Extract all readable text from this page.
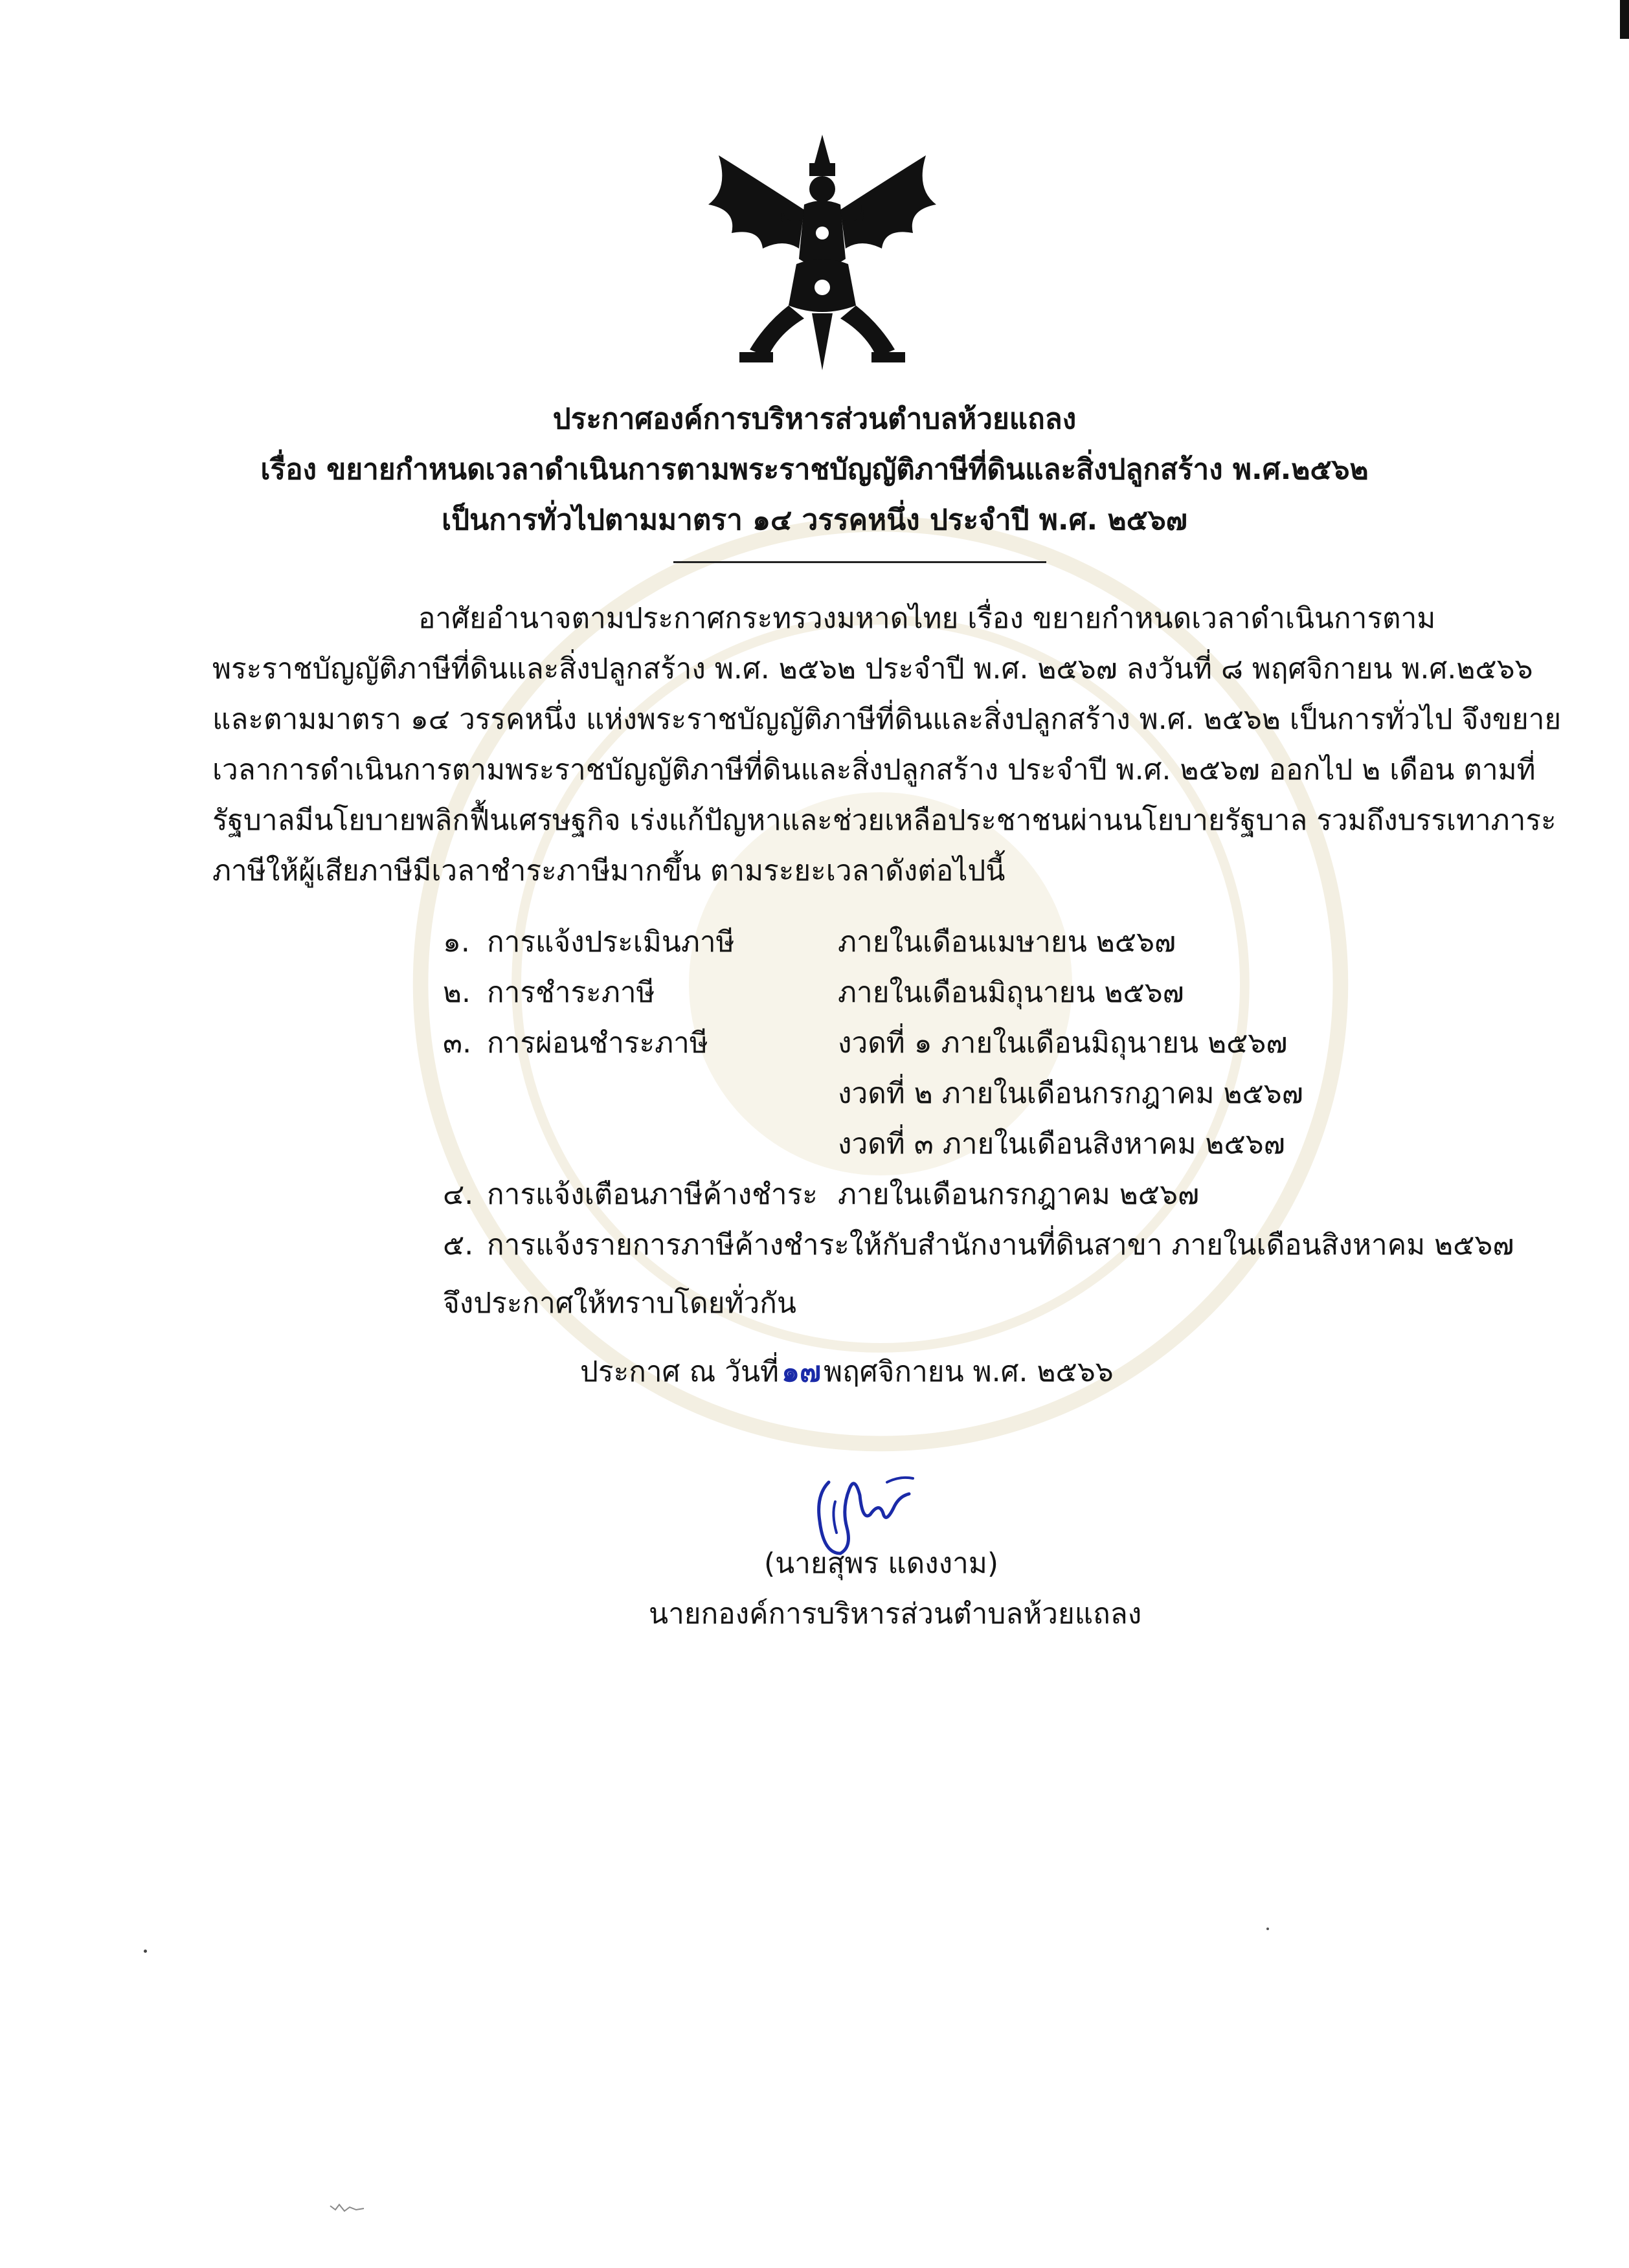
ประกาศองค์การบริหารส่วนตำบลห้วยแถลง
เรื่อง ขยายกำหนดเวลาดำเนินการตามพระราชบัญญัติภาษีที่ดินและสิ่งปลูกสร้าง พ.ศ.๒๕๖๒
เป็นการทั่วไปตามมาตรา ๑๔ วรรคหนึ่ง ประจำปี พ.ศ. ๒๕๖๗
อาศัยอำนาจตามประกาศกระทรวงมหาดไทย เรื่อง ขยายกำหนดเวลาดำเนินการตาม
พระราชบัญญัติภาษีที่ดินและสิ่งปลูกสร้าง พ.ศ. ๒๕๖๒ ประจำปี พ.ศ. ๒๕๖๗ ลงวันที่ ๘ พฤศจิกายน พ.ศ.๒๕๖๖
และตามมาตรา ๑๔ วรรคหนึ่ง แห่งพระราชบัญญัติภาษีที่ดินและสิ่งปลูกสร้าง พ.ศ. ๒๕๖๒ เป็นการทั่วไป จึงขยาย
เวลาการดำเนินการตามพระราชบัญญัติภาษีที่ดินและสิ่งปลูกสร้าง ประจำปี พ.ศ. ๒๕๖๗ ออกไป ๒ เดือน ตามที่
รัฐบาลมีนโยบายพลิกฟื้นเศรษฐกิจ เร่งแก้ปัญหาและช่วยเหลือประชาชนผ่านนโยบายรัฐบาล รวมถึงบรรเทาภาระ
ภาษีให้ผู้เสียภาษีมีเวลาชำระภาษีมากขึ้น ตามระยะเวลาดังต่อไปนี้
๑. การแจ้งประเมินภาษี	ภายในเดือนเมษายน ๒๕๖๗
๒. การชำระภาษี	ภายในเดือนมิถุนายน ๒๕๖๗
๓. การผ่อนชำระภาษี	งวดที่ ๑ ภายในเดือนมิถุนายน ๒๕๖๗
งวดที่ ๒ ภายในเดือนกรกฎาคม ๒๕๖๗
งวดที่ ๓ ภายในเดือนสิงหาคม ๒๕๖๗
๔. การแจ้งเตือนภาษีค้างชำระ ภายในเดือนกรกฎาคม ๒๕๖๗
๕. การแจ้งรายการภาษีค้างชำระให้กับสำนักงานที่ดินสาขา ภายในเดือนสิงหาคม ๒๕๖๗
จึงประกาศให้ทราบโดยทั่วกัน
ประกาศ ณ วันที่๑๗พฤศจิกายน พ.ศ. ๒๕๖๖
(นายสุพร แดงงาม)
นายกองค์การบริหารส่วนตำบลห้วยแถลง
